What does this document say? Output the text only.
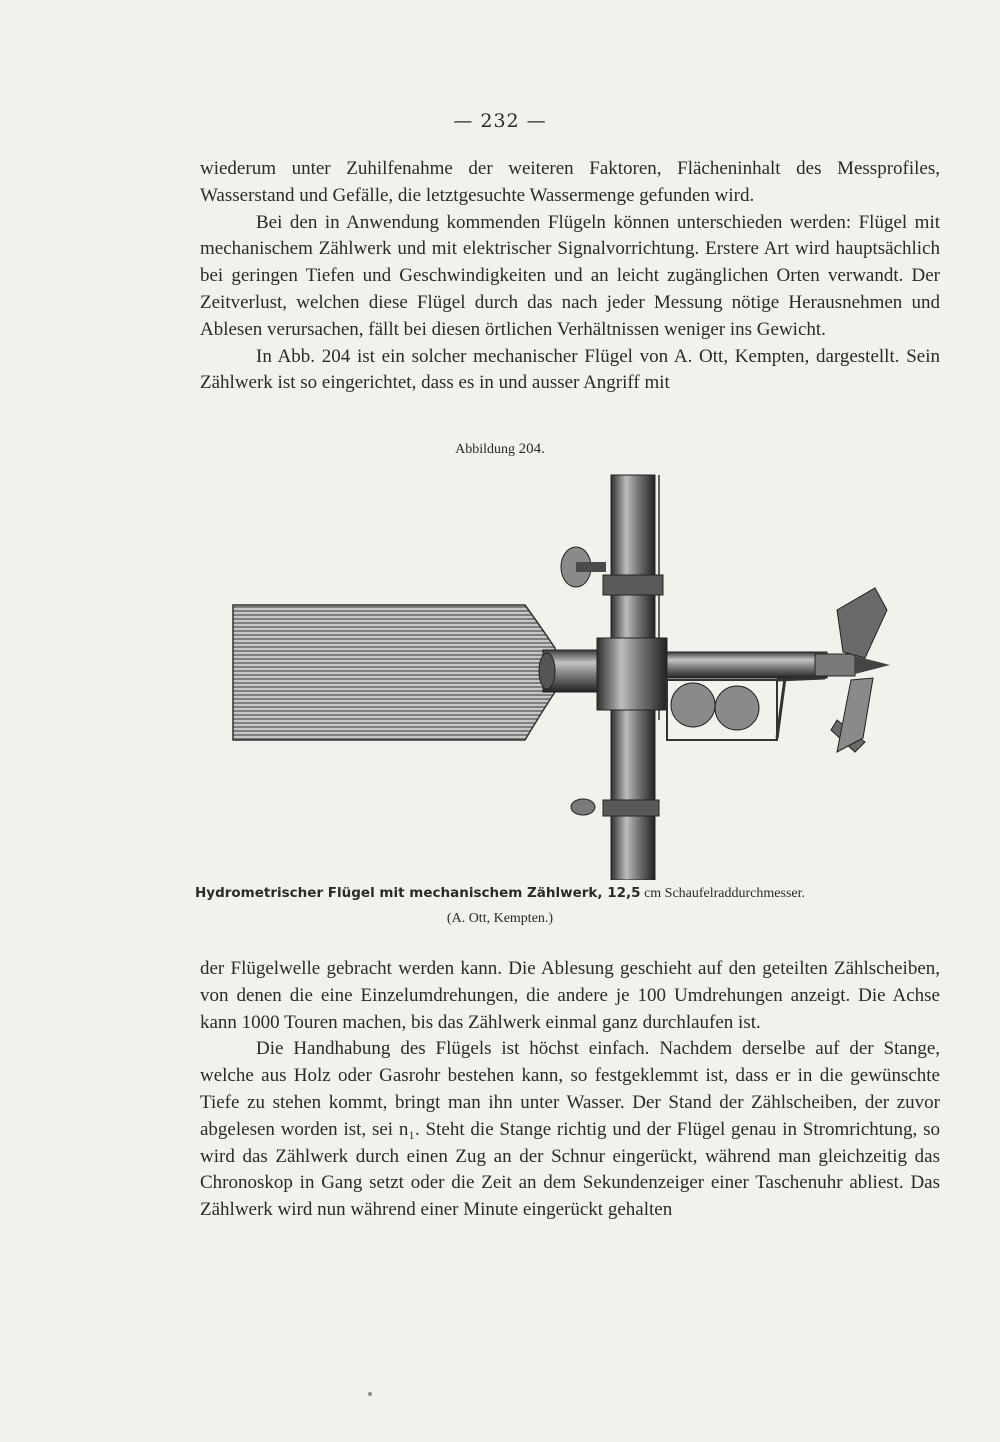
— 232 —

wiederum unter Zuhilfenahme der weiteren Faktoren, Flächeninhalt des Messprofiles, Wasserstand und Gefälle, die letztgesuchte Wassermenge gefunden wird.

Bei den in Anwendung kommenden Flügeln können unterschieden werden: Flügel mit mechanischem Zählwerk und mit elektrischer Signalvorrichtung. Erstere Art wird hauptsächlich bei geringen Tiefen und Geschwindigkeiten und an leicht zugänglichen Orten verwandt. Der Zeitverlust, welchen diese Flügel durch das nach jeder Messung nötige Herausnehmen und Ablesen verursachen, fällt bei diesen örtlichen Verhältnissen weniger ins Gewicht.

In Abb. 204 ist ein solcher mechanischer Flügel von A. Ott, Kempten, dargestellt. Sein Zählwerk ist so eingerichtet, dass es in und ausser Angriff mit

Abbildung 204.
Hydrometrischer Flügel mit mechanischem Zählwerk, 12,5 cm Schaufelraddurchmesser.
(A. Ott, Kempten.)

der Flügelwelle gebracht werden kann. Die Ablesung geschieht auf den geteilten Zählscheiben, von denen die eine Einzelumdrehungen, die andere je 100 Umdrehungen anzeigt. Die Achse kann 1000 Touren machen, bis das Zählwerk einmal ganz durchlaufen ist.

Die Handhabung des Flügels ist höchst einfach. Nachdem derselbe auf der Stange, welche aus Holz oder Gasrohr bestehen kann, so festgeklemmt ist, dass er in die gewünschte Tiefe zu stehen kommt, bringt man ihn unter Wasser. Der Stand der Zählscheiben, der zuvor abgelesen worden ist, sei n₁. Steht die Stange richtig und der Flügel genau in Stromrichtung, so wird das Zählwerk durch einen Zug an der Schnur eingerückt, während man gleichzeitig das Chronoskop in Gang setzt oder die Zeit an dem Sekundenzeiger einer Taschenuhr abliest. Das Zählwerk wird nun während einer Minute eingerückt gehalten
